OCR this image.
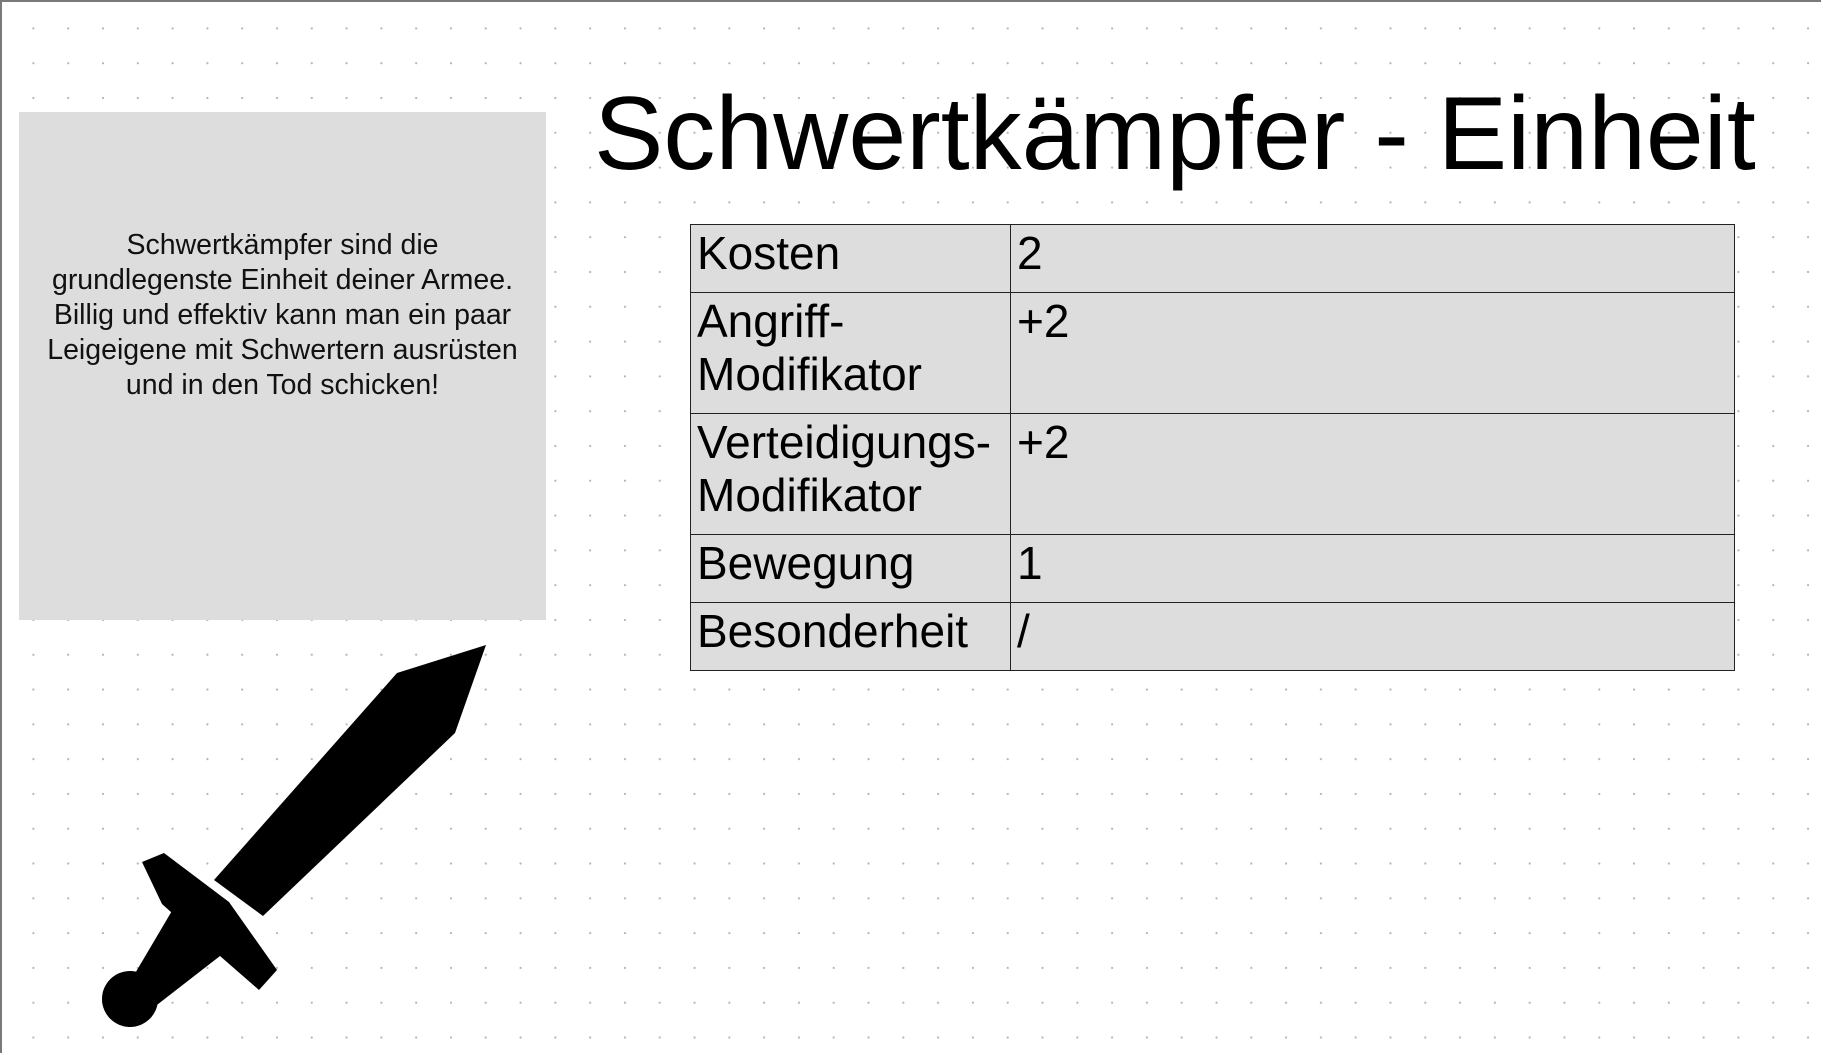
Schwertkämpfer sind die grundlegenste Einheit deiner Armee. Billig und effektiv kann man ein paar Leigeigene mit Schwertern ausrüsten und in den Tod schicken!
Schwertkämpfer - Einheit
Kosten	2
Angriff-
Modifikator	+2
Verteidigungs-
Modifikator	+2
Bewegung	1
Besonderheit	/
